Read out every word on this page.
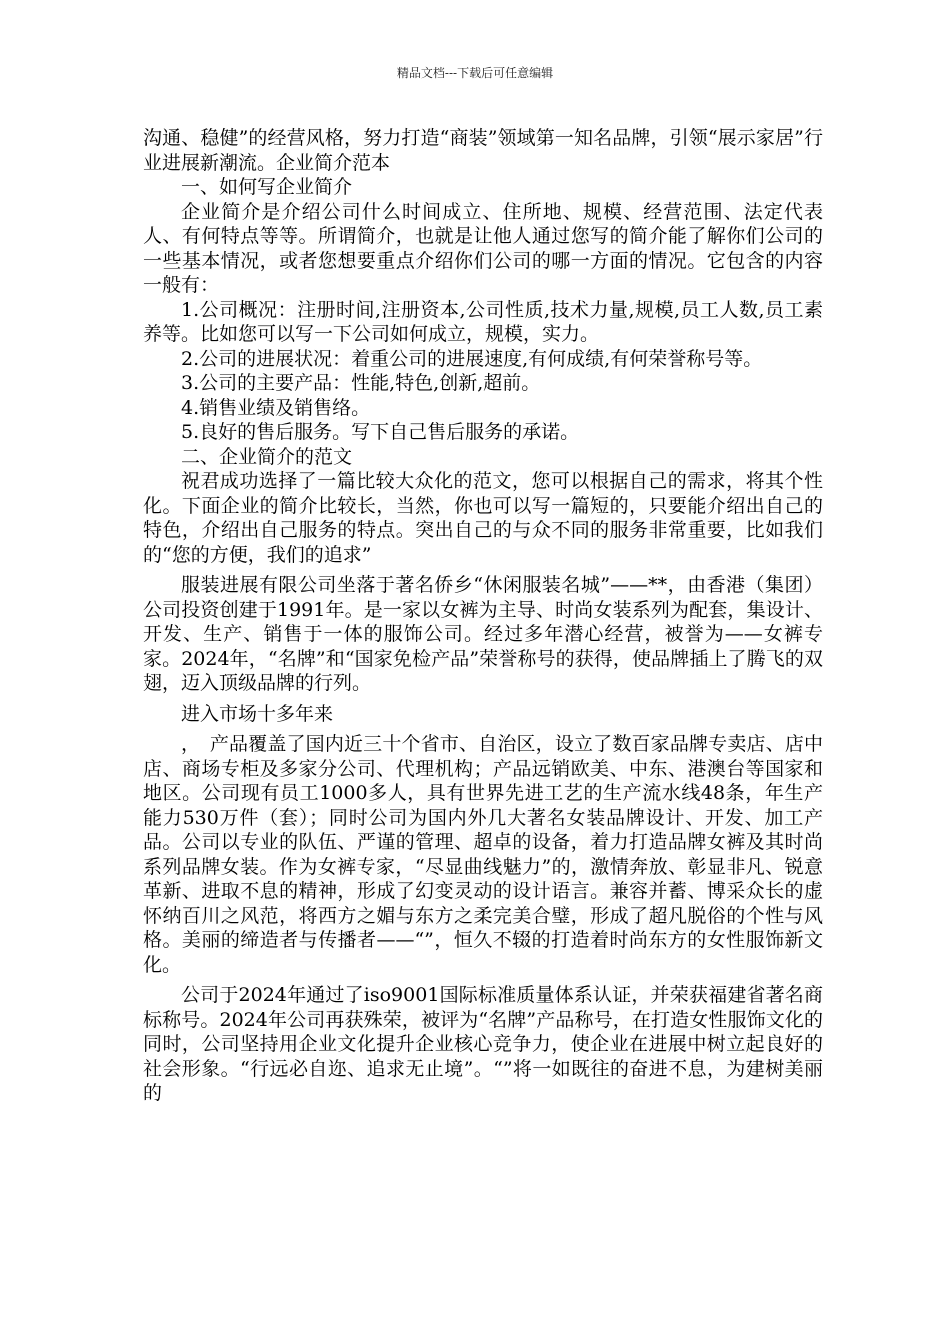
精品文档---下载后可任意编辑

沟通、稳健”的经营风格，努力打造“商装”领域第一知名品牌，引领“展示家居”行业进展新潮流。企业简介范本

一、如何写企业简介

企业简介是介绍公司什么时间成立、住所地、规模、经营范围、法定代表人、有何特点等等。所谓简介，也就是让他人通过您写的简介能了解你们公司的一些基本情况，或者您想要重点介绍你们公司的哪一方面的情况。它包含的内容一般有：

1.公司概况：注册时间,注册资本,公司性质,技术力量,规模,员工人数,员工素养等。比如您可以写一下公司如何成立，规模，实力。

2.公司的进展状况：着重公司的进展速度,有何成绩,有何荣誉称号等。

3.公司的主要产品：性能,特色,创新,超前。

4.销售业绩及销售络。

5.良好的售后服务。写下自己售后服务的承诺。

二、企业简介的范文

祝君成功选择了一篇比较大众化的范文，您可以根据自己的需求，将其个性化。下面企业的简介比较长，当然，你也可以写一篇短的，只要能介绍出自己的特色，介绍出自己服务的特点。突出自己的与众不同的服务非常重要，比如我们的“您的方便，我们的追求”

服装进展有限公司坐落于著名侨乡“休闲服装名城”——**，由香港（集团）公司投资创建于1991年。是一家以女裤为主导、时尚女装系列为配套，集设计、开发、生产、销售于一体的服饰公司。经过多年潜心经营，被誉为——女裤专家。2024年，“名牌”和“国家免检产品”荣誉称号的获得，使品牌插上了腾飞的双翅，迈入顶级品牌的行列。

进入市场十多年来

，　产品覆盖了国内近三十个省市、自治区，设立了数百家品牌专卖店、店中店、商场专柜及多家分公司、代理机构；产品远销欧美、中东、港澳台等国家和地区。公司现有员工1000多人，具有世界先进工艺的生产流水线48条，年生产能力530万件（套）；同时公司为国内外几大著名女装品牌设计、开发、加工产品。公司以专业的队伍、严谨的管理、超卓的设备，着力打造品牌女裤及其时尚系列品牌女装。作为女裤专家，“尽显曲线魅力”的，激情奔放、彰显非凡、锐意革新、进取不息的精神，形成了幻变灵动的设计语言。兼容并蓄、博采众长的虚怀纳百川之风范，将西方之媚与东方之柔完美合璧，形成了超凡脱俗的个性与风格。美丽的缔造者与传播者——“”，恒久不辍的打造着时尚东方的女性服饰新文化。

公司于2024年通过了iso9001国际标准质量体系认证，并荣获福建省著名商标称号。2024年公司再获殊荣，被评为“名牌”产品称号，在打造女性服饰文化的同时，公司坚持用企业文化提升企业核心竞争力，使企业在进展中树立起良好的社会形象。“行远必自迩、追求无止境”。“”将一如既往的奋进不息，为建树美丽的
